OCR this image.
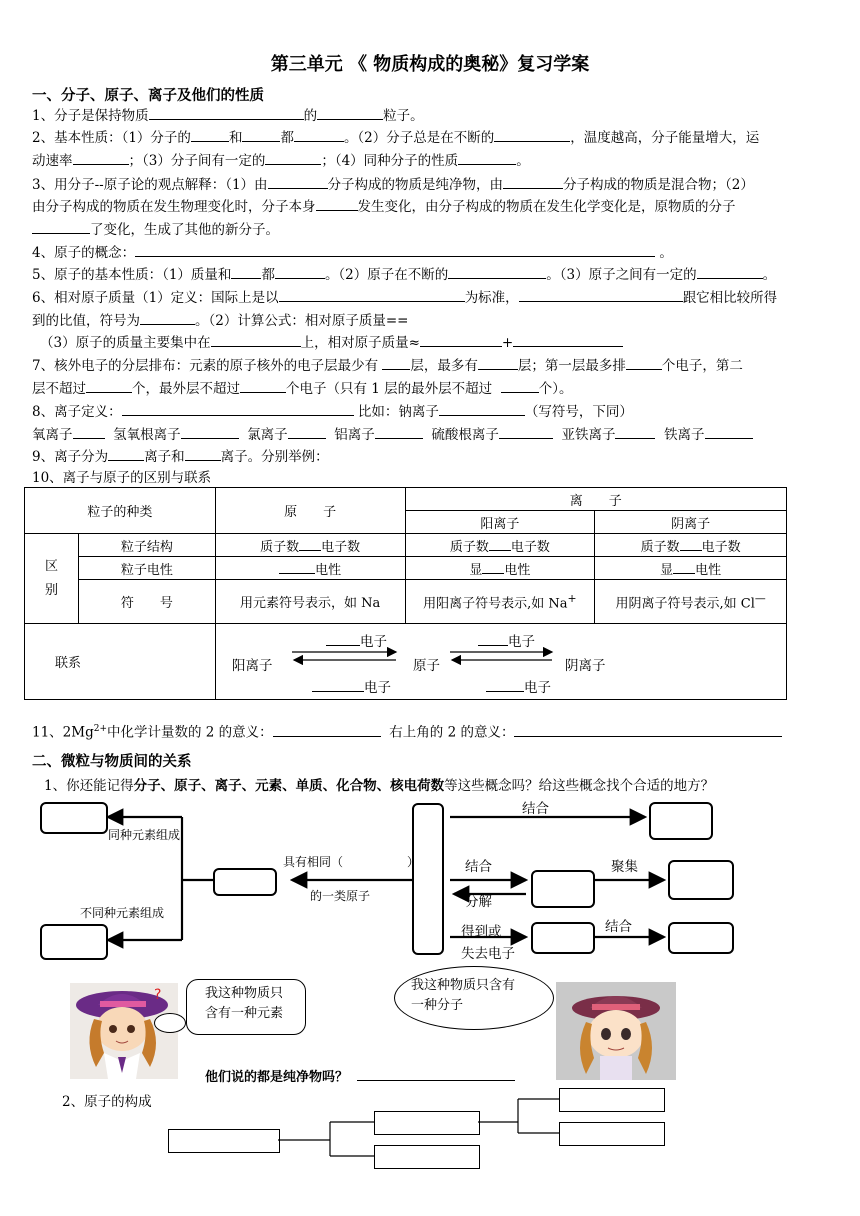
第三单元 《 物质构成的奥秘》复习学案
一、分子、原子、离子及他们的性质
1、分子是保持物质	的	粒子。
2、基本性质：（1）分子的	和	都	。（2）分子总是在不断的	，温度越高，分子能量增大，运
动速率	；（3）分子间有一定的	；（4）同种分子的性质	。
3、用分子--原子论的观点解释：（1）由	分子构成的物质是纯净物，由	分子构成的物质是混合物；（2）
由分子构成的物质在发生物理变化时，分子本身	发生变化，由分子构成的物质在发生化学变化是，原物质的分子
了变化，生成了其他的新分子。
4、原子的概念：	。
5、原子的基本性质：（1）质量和 都	。（2）原子在不断的	。（3）原子之间有一定的	。
6、相对原子质量（1）定义：国际上是以	为标准，	跟它相比较所得
到的比值，符号为	。（2）计算公式：相对原子质量==
（3）原子的质量主要集中在	上，相对原子质量≈	+
7、核外电子的分层排布：元素的原子核外的电子层最少有 层，最多有	层；第一层最多排	个电子，第二
层不超过	个，最外层不超过	个电子（只有 1 层的最外层不超过	个）。
8、离子定义：	比如：钠离子	（写符号，下同）
氧离子	氢氧根离子	氯离子	铝离子	硫酸根离子	亚铁离子	铁离子
9、离子分为	离子和	离子。分别举例：
10、离子与原子的区别与联系
粒子的种类		原　　子	离　　子	
			阳离子	阴离子
区
别	粒子结构	质子数 电子数	质子数 电子数	质子数 电子数
	粒子电性	电性	显 电性	显 电性
	符　　号	用元素符号表示，如 Na	用阳离子符号表示,如 Na+	用阴离子符号表示,如 Cl—
联系					阳离子	原子	阴离子
电子	电子
电子	电子
11、$2Mg^{2+}$中化学计量数的 2 的意义：	右上角的 2 的意义：
二、微粒与物质间的关系
1、你还能记得分子、原子、离子、元素、单质、化合物、核电荷数等这些概念吗？给这些概念找个合适的地方？
同种元素组成
不同种元素组成
具有相同（	）
的一类原子
结合
结合
分解
聚集
得到或
失去电子
结合
?	我这种物质只
含有一种元素
我这种物质只含有
一种分子
他们说的都是纯净物吗？
2、原子的构成
